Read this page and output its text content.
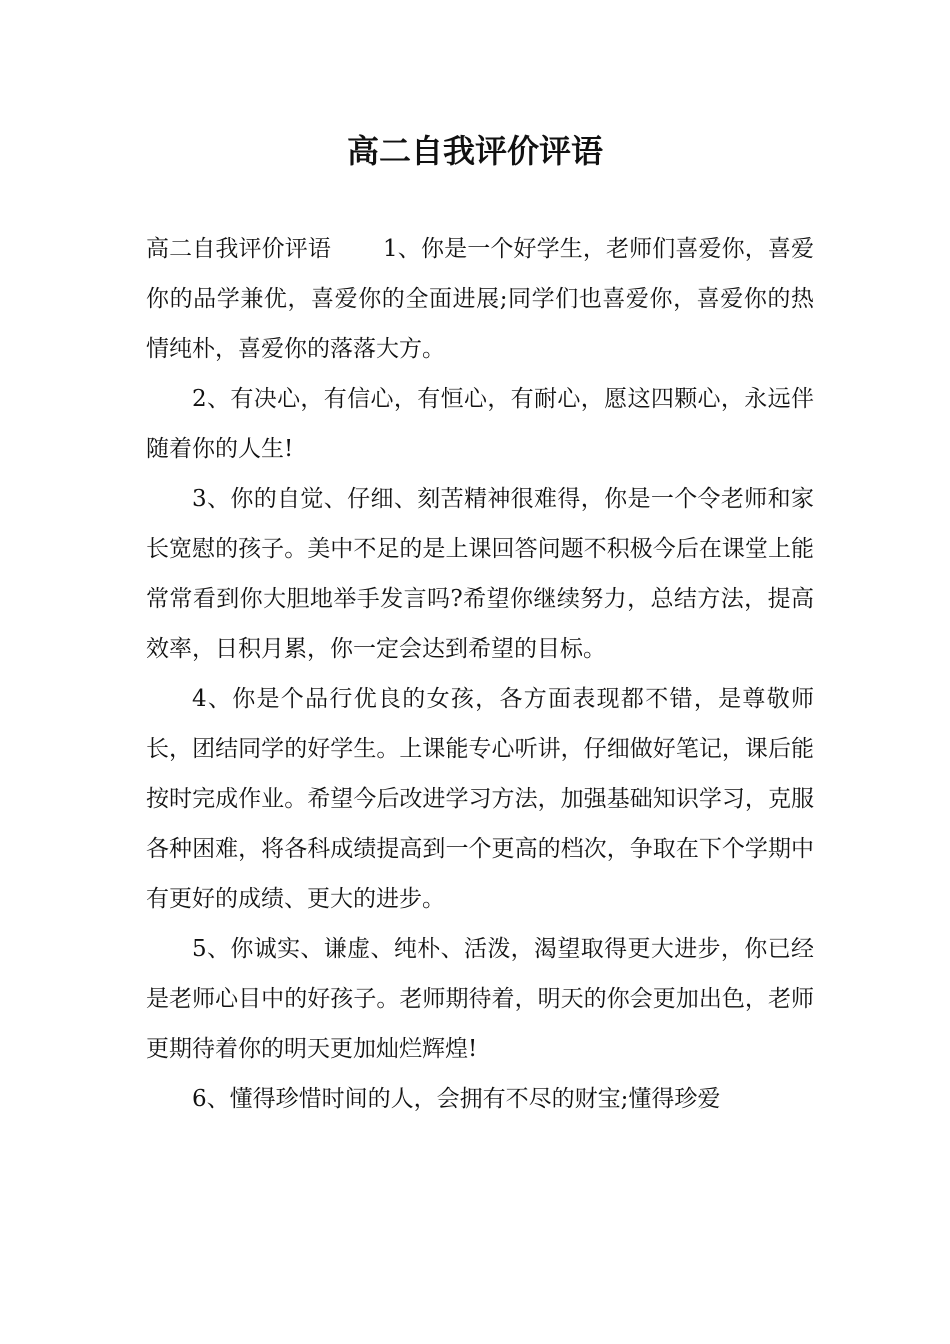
高二自我评价评语

高二自我评价评语 1、你是一个好学生，老师们喜爱你，喜爱你的品学兼优，喜爱你的全面进展;同学们也喜爱你，喜爱你的热情纯朴，喜爱你的落落大方。

2、有决心，有信心，有恒心，有耐心，愿这四颗心，永远伴随着你的人生!

3、你的自觉、仔细、刻苦精神很难得，你是一个令老师和家长宽慰的孩子。美中不足的是上课回答问题不积极今后在课堂上能常常看到你大胆地举手发言吗?希望你继续努力，总结方法，提高效率，日积月累，你一定会达到希望的目标。

4、你是个品行优良的女孩，各方面表现都不错，是尊敬师长，团结同学的好学生。上课能专心听讲，仔细做好笔记，课后能按时完成作业。希望今后改进学习方法，加强基础知识学习，克服各种困难，将各科成绩提高到一个更高的档次，争取在下个学期中有更好的成绩、更大的进步。

5、你诚实、谦虚、纯朴、活泼，渴望取得更大进步，你已经是老师心目中的好孩子。老师期待着，明天的你会更加出色，老师更期待着你的明天更加灿烂辉煌!

6、懂得珍惜时间的人，会拥有不尽的财宝;懂得珍爱
